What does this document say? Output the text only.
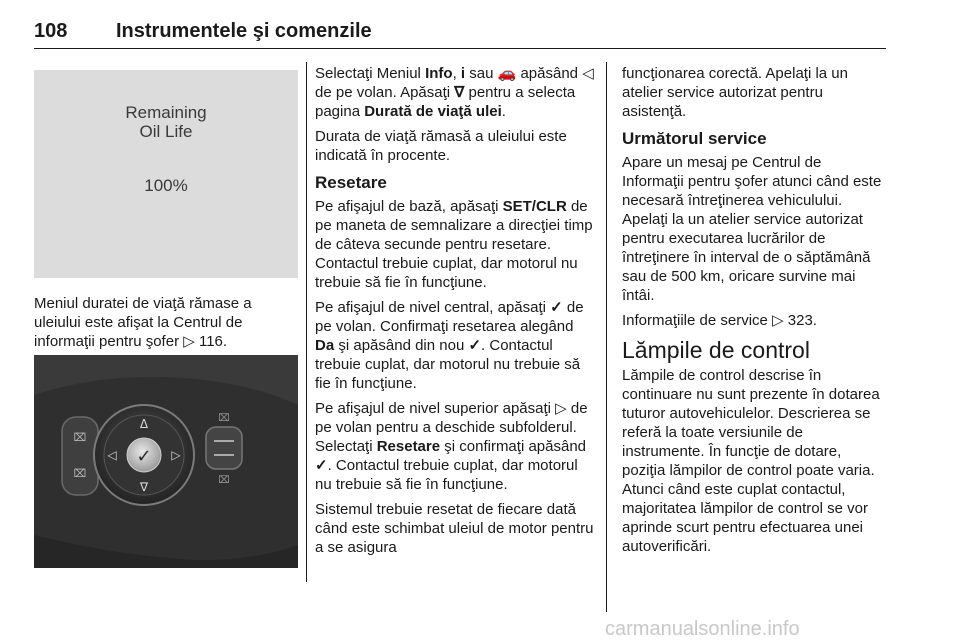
108 Instrumentele şi comenzile
Remaining
Oil Life
100%
Meniul duratei de viaţă rămase a uleiului este afişat la Centrul de informaţii pentru şofer ▷ 116.
⌧
⌧
Δ
∇
◁	▷
✓
⌧
⌧

Selectaţi Meniul Info, i sau 🚗 apăsând ◁ de pe volan. Apăsaţi ∇ pentru a selecta pagina Durată de viaţă ulei.

Durata de viaţă rămasă a uleiului este indicată în procente.

Resetare

Pe afişajul de bază, apăsaţi SET/CLR de pe maneta de semnalizare a direcţiei timp de câteva secunde pentru resetare. Contactul trebuie cuplat, dar motorul nu trebuie să fie în funcţiune.

Pe afişajul de nivel central, apăsaţi ✓ de pe volan. Confirmaţi resetarea alegând Da şi apăsând din nou ✓. Contactul trebuie cuplat, dar motorul nu trebuie să fie în funcţiune.

Pe afişajul de nivel superior apăsaţi ▷ de pe volan pentru a deschide subfolderul. Selectaţi Resetare şi confirmaţi apăsând ✓. Contactul trebuie cuplat, dar motorul nu trebuie să fie în funcţiune.

Sistemul trebuie resetat de fiecare dată când este schimbat uleiul de motor pentru a se asigura

funcţionarea corectă. Apelaţi la un atelier service autorizat pentru asistenţă.

Următorul service

Apare un mesaj pe Centrul de Informaţii pentru şofer atunci când este necesară întreţinerea vehiculului. Apelaţi la un atelier service autorizat pentru executarea lucrărilor de întreţinere în interval de o săptămână sau de 500 km, oricare survine mai întâi.

Informaţiile de service ▷ 323.

Lămpile de control

Lămpile de control descrise în continuare nu sunt prezente în dotarea tuturor autovehiculelor. Descrierea se referă la toate versiunile de instrumente. În funcţie de dotare, poziţia lămpilor de control poate varia. Atunci când este cuplat contactul, majoritatea lămpilor de control se vor aprinde scurt pentru efectuarea unei autoverificări.

carmanualsonline.info
